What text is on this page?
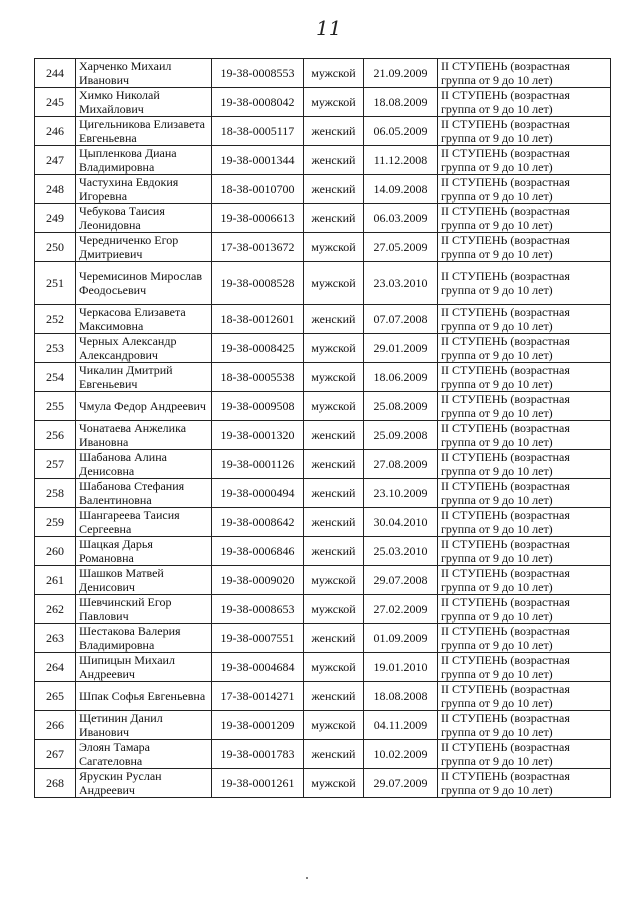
11
244	Харченко Михаил Иванович	19-38-0008553	мужской	21.09.2009	II СТУПЕНЬ (возрастная группа от 9 до 10 лет)
245	Химко Николай Михайлович	19-38-0008042	мужской	18.08.2009	II СТУПЕНЬ (возрастная группа от 9 до 10 лет)
246	Цигельникова Елизавета Евгеньевна	18-38-0005117	женский	06.05.2009	II СТУПЕНЬ (возрастная группа от 9 до 10 лет)
247	Цыпленкова Диана Владимировна	19-38-0001344	женский	11.12.2008	II СТУПЕНЬ (возрастная группа от 9 до 10 лет)
248	Частухина Евдокия Игоревна	18-38-0010700	женский	14.09.2008	II СТУПЕНЬ (возрастная группа от 9 до 10 лет)
249	Чебукова Таисия Леонидовна	19-38-0006613	женский	06.03.2009	II СТУПЕНЬ (возрастная группа от 9 до 10 лет)
250	Чередниченко Егор Дмитриевич	17-38-0013672	мужской	27.05.2009	II СТУПЕНЬ (возрастная группа от 9 до 10 лет)
251	Черемисинов Мирослав Феодосьевич	19-38-0008528	мужской	23.03.2010	II СТУПЕНЬ (возрастная группа от 9 до 10 лет)
252	Черкасова Елизавета Максимовна	18-38-0012601	женский	07.07.2008	II СТУПЕНЬ (возрастная группа от 9 до 10 лет)
253	Черных Александр Александрович	19-38-0008425	мужской	29.01.2009	II СТУПЕНЬ (возрастная группа от 9 до 10 лет)
254	Чикалин Дмитрий Евгеньевич	18-38-0005538	мужской	18.06.2009	II СТУПЕНЬ (возрастная группа от 9 до 10 лет)
255	Чмула Федор Андреевич	19-38-0009508	мужской	25.08.2009	II СТУПЕНЬ (возрастная группа от 9 до 10 лет)
256	Чонатаева Анжелика Ивановна	19-38-0001320	женский	25.09.2008	II СТУПЕНЬ (возрастная группа от 9 до 10 лет)
257	Шабанова Алина Денисовна	19-38-0001126	женский	27.08.2009	II СТУПЕНЬ (возрастная группа от 9 до 10 лет)
258	Шабанова Стефания Валентиновна	19-38-0000494	женский	23.10.2009	II СТУПЕНЬ (возрастная группа от 9 до 10 лет)
259	Шангареева Таисия Сергеевна	19-38-0008642	женский	30.04.2010	II СТУПЕНЬ (возрастная группа от 9 до 10 лет)
260	Шацкая Дарья Романовна	19-38-0006846	женский	25.03.2010	II СТУПЕНЬ (возрастная группа от 9 до 10 лет)
261	Шашков Матвей Денисович	19-38-0009020	мужской	29.07.2008	II СТУПЕНЬ (возрастная группа от 9 до 10 лет)
262	Шевчинский Егор Павлович	19-38-0008653	мужской	27.02.2009	II СТУПЕНЬ (возрастная группа от 9 до 10 лет)
263	Шестакова Валерия Владимировна	19-38-0007551	женский	01.09.2009	II СТУПЕНЬ (возрастная группа от 9 до 10 лет)
264	Шипицын Михаил Андреевич	19-38-0004684	мужской	19.01.2010	II СТУПЕНЬ (возрастная группа от 9 до 10 лет)
265	Шпак Софья Евгеньевна	17-38-0014271	женский	18.08.2008	II СТУПЕНЬ (возрастная группа от 9 до 10 лет)
266	Щетинин Данил Иванович	19-38-0001209	мужской	04.11.2009	II СТУПЕНЬ (возрастная группа от 9 до 10 лет)
267	Элоян Тамара Сагателовна	19-38-0001783	женский	10.02.2009	II СТУПЕНЬ (возрастная группа от 9 до 10 лет)
268	Ярускин Руслан Андреевич	19-38-0001261	мужской	29.07.2009	II СТУПЕНЬ (возрастная группа от 9 до 10 лет)
